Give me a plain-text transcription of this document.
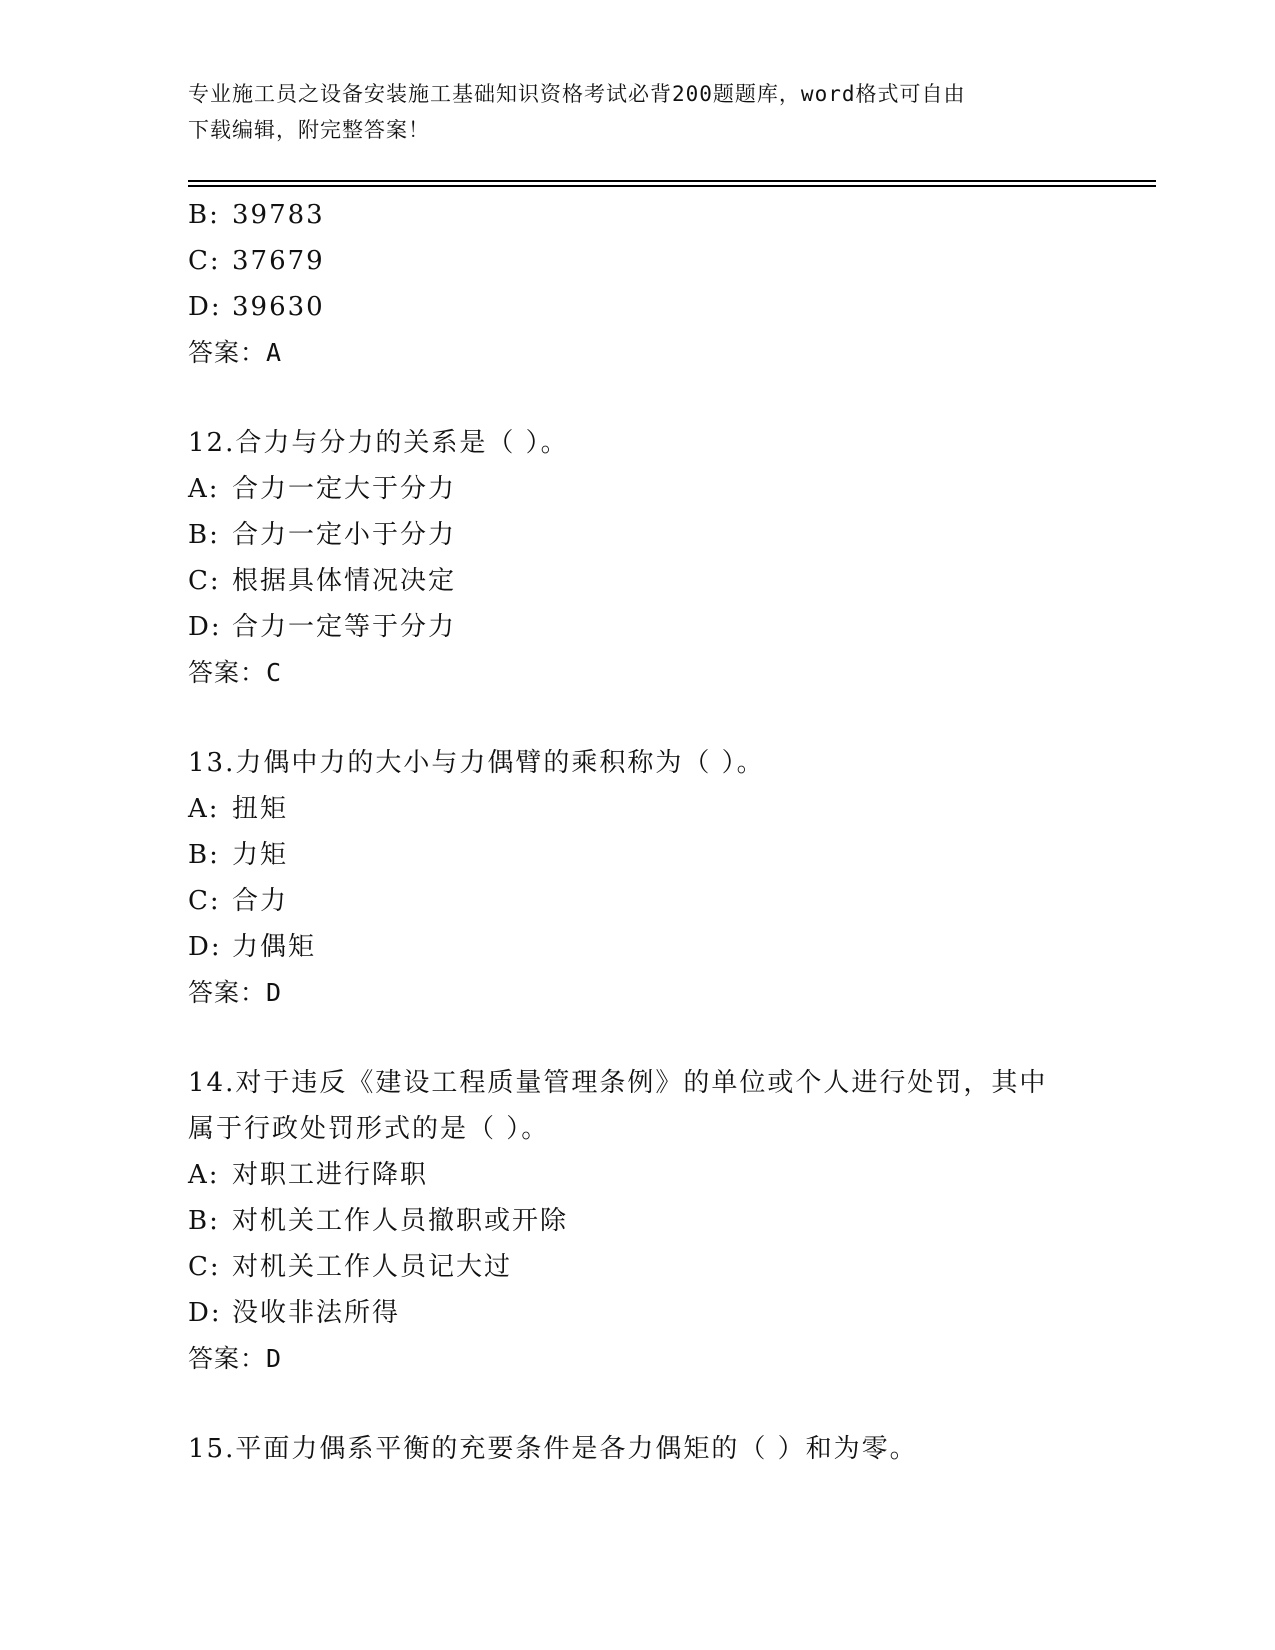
专业施工员之设备安装施工基础知识资格考试必背200题题库，word格式可自由
下载编辑，附完整答案！
B: 39783
C: 37679
D: 39630
答案：A
12.合力与分力的关系是（ ）。
A: 合力一定大于分力
B: 合力一定小于分力
C: 根据具体情况决定
D: 合力一定等于分力
答案：C
13.力偶中力的大小与力偶臂的乘积称为（ ）。
A: 扭矩
B: 力矩
C: 合力
D: 力偶矩
答案：D
14.对于违反《建设工程质量管理条例》的单位或个人进行处罚，其中
属于行政处罚形式的是（ ）。
A: 对职工进行降职
B: 对机关工作人员撤职或开除
C: 对机关工作人员记大过
D: 没收非法所得
答案：D
15.平面力偶系平衡的充要条件是各力偶矩的（ ）和为零。
